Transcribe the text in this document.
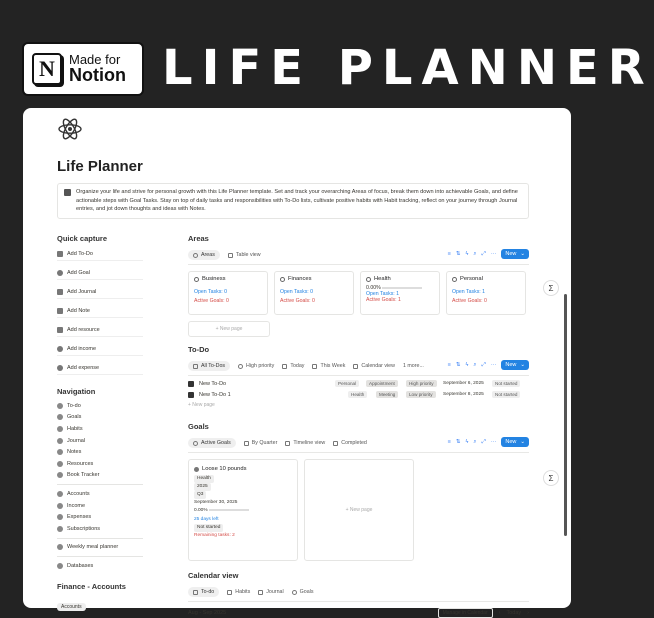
N	Made for
Notion LIFE PLANNER
Life Planner
Organize your life and strive for personal growth with this Life Planner template. Set and track your overarching Areas of focus, break them down into achievable Goals, and define actionable steps with Goal Tasks. Stay on top of daily tasks and responsibilities with To-Do lists, cultivate positive habits with Habit tracking, reflect on your journey through Journal entries, and jot down thoughts and ideas with Notes.
Quick capture
Add To-Do
Add Goal
Add Journal
Add Note
Add resource
Add income
Add expense
Navigation
To-do
Goals
Habits
Journal
Notes
Resources
Book Tracker
Accounts
Income
Expenses
Subscriptions
Weekly meal planner
Databases
Finance - Accounts
Accounts
Areas
Areas	Table view	≡ ⇅ ϟ ⌕ ⤢ ··· New ⌄
Business
Open Tasks: 0
Active Goals: 0
Finances
Open Tasks: 0
Active Goals: 0
Health
0.00%
Open Tasks: 1
Active Goals: 1
Personal
Open Tasks: 1
Active Goals: 0
+ New page
To-Do
All To-Dos	High priority	Today	This Week	Calendar view 1 more...	≡ ⇅ ϟ ⌕ ⤢ ··· New ⌄
New To-Do	Personal	Appointment	High priority	September 6, 2025	Not started
New To-Do 1	Health	Meeting	Low priority	September 8, 2025	Not started
+ New page
Goals
Active Goals	By Quarter	Timeline view	Completed	≡ ⇅ ϟ ⌕ ⤢ ··· New ⌄
Loose 10 pounds
Health
2025
Q3
September 30, 2025
0.00%
25 days left
Not started
Remaining tasks: 2
+ New page
Calendar view
To-do	Habits	Journal	Goals
Aug - Sep 2025	Manage in Calendar	‹ Today ›
Σ
Σ
